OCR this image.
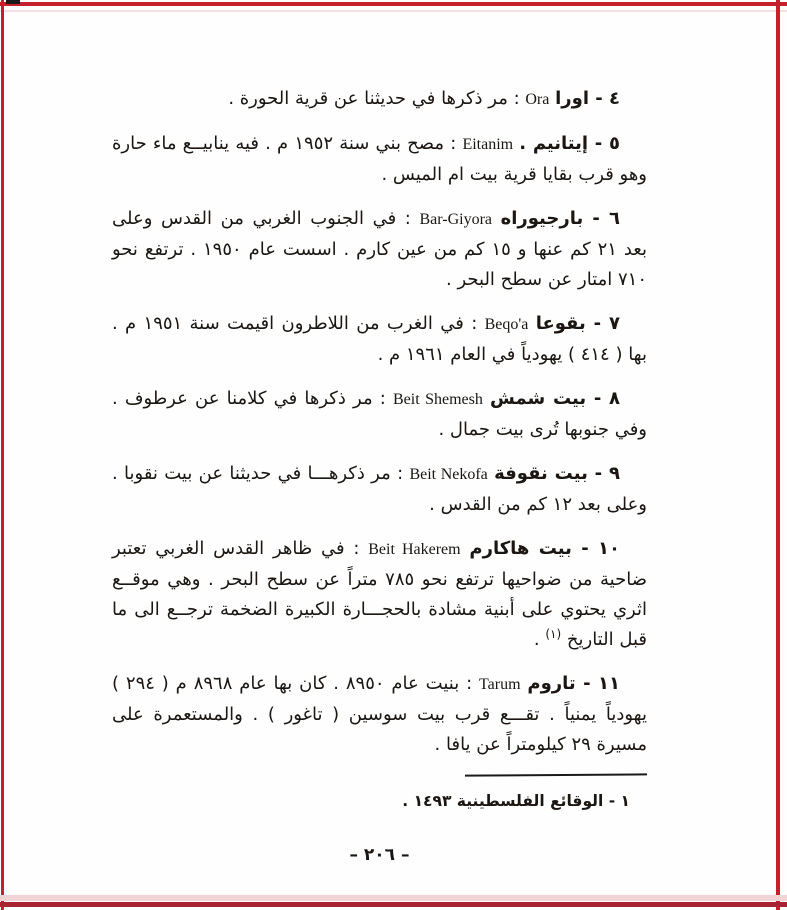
٤ - اورا Ora : مر ذكرها في حديثنا عن قرية الحورة .

٥ - إيتانيم . Eitanim : مصح بني سنة ١٩٥٢ م . فيه ينابيــع ماء حارة وهو قرب بقايا قرية بيت ام الميس .

٦ - بارجيوراه Bar-Giyora : في الجنوب الغربي من القدس وعلى بعد ٢١ كم عنها و ١٥ كم من عين كارم . اسست عام ١٩٥٠ . ترتفع نحو ٧١٠ امتار عن سطح البحر .

٧ - بقوعا Beqo'a : في الغرب من اللاطرون اقيمت سنة ١٩٥١ م . بها ( ٤١٤ ) يهودياً في العام ١٩٦١ م .

٨ - بيت شمش Beit Shemesh : مر ذكرها في كلامنا عن عرطوف . وفي جنوبها تُرى بيت جمال .

٩ - بيت نقوفة Beit Nekofa : مر ذكرهـــا في حديثنا عن بيت نقوبا . وعلى بعد ١٢ كم من القدس .

١٠ - بيت هاكارم Beit Hakerem : في ظاهر القدس الغربي تعتبر ضاحية من ضواحيها ترتفع نحو ٧٨٥ متراً عن سطح البحر . وهي موقــع اثري يحتوي على أبنية مشادة بالحجـــارة الكبيرة الضخمة ترجــع الى ما قبل التاريخ $^{(١)}$ .

١١ - تاروم Tarum : بنيت عام ٨٩٥٠ . كان بها عام ٨٩٦٨ م ( ٢٩٤ ) يهودياً يمنياً . تقـــع قرب بيت سوسين ( تاغور ) . والمستعمرة على مسيرة ٢٩ كيلومتراً عن يافا .

١ - الوقائع الفلسطينية ١٤٩٣ .

– ٢٠٦ –
